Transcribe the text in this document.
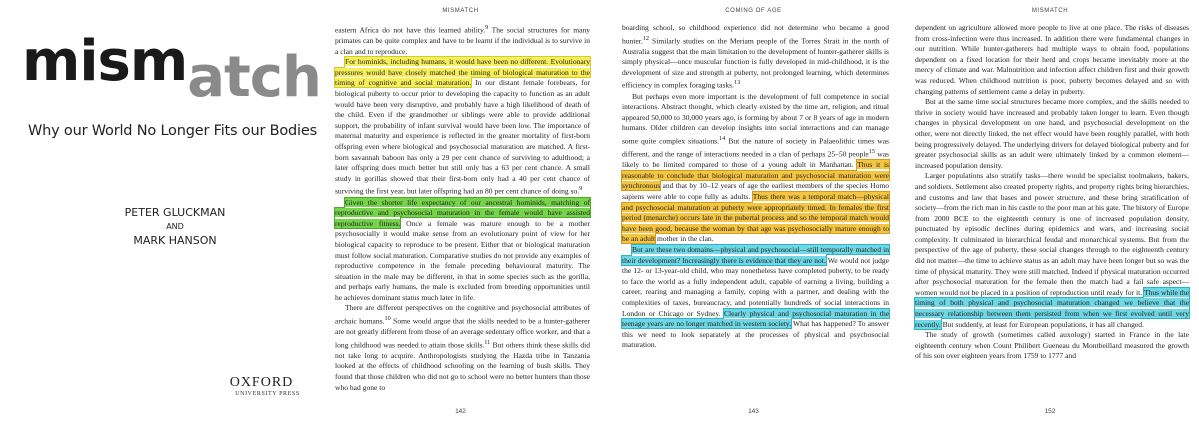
mismatch
Why our World No Longer Fits our Bodies
PETER GLUCKMAN
AND
MARK HANSON
OXFORD
UNIVERSITY PRESS
MISMATCH

eastern Africa do not have this learned ability.$^9$ The social structures for many primates can be quite complex and have to be learnt if the individual is to survive in a clan and to reproduce.

For hominids, including humans, it would have been no different. Evolutionary pressures would have closely matched the timing of biological maturation to the timing of cognitive and social maturation. In our distant female forebears, for biological puberty to occur prior to developing the capacity to function as an adult would have been very disruptive, and probably have a high likelihood of death of the child. Even if the grandmother or siblings were able to provide additional support, the probability of infant survival would have been low. The importance of maternal maturity and experience is reflected in the greater mortality of first-born offspring even where biological and psychosocial maturation are matched. A first-born savannah baboon has only a 29 per cent chance of surviving to adulthood; a later offspring does much better but still only has a 63 per cent chance. A small study in gorillas showed that their first-born only had a 40 per cent chance of surviving the first year, but later offspring had an 80 per cent chance of doing so.$^9$

Given the shorter life expectancy of our ancestral hominids, matching of reproductive and psychosocial maturation in the female would have assisted reproductive fitness. Once a female was mature enough to be a mother psychosocially it would make sense from an evolutionary point of view for her biological capacity to reproduce to be present. Either that or biological maturation must follow social maturation. Comparative studies do not provide any examples of reproductive competence in the female preceding behavioural maturity. The situation in the male may be different, in that in some species such as the gorilla, and perhaps early humans, the male is excluded from breeding opportunities until he achieves dominant status much later in life.

There are different perspectives on the cognitive and psychosocial attributes of archaic humans.$^{10}$ Some would argue that the skills needed to be a hunter-gatherer are not greatly different from those of an average sedentary office worker, and that a long childhood was needed to attain those skills.$^{11}$ But others think these skills did not take long to acquire. Anthropologists studying the Hazda tribe in Tanzania looked at the effects of childhood schooling on the learning of bush skills. They found that those children who did not go to school were no better hunters than those who had gone to

142
COMING OF AGE

boarding school, so childhood experience did not determine who became a good hunter.$^{12}$ Similarly studies on the Meriam people of the Torres Strait in the north of Australia suggest that the main limitation to the development of hunter-gatherer skills is simply physical—once muscular function is fully developed in mid-childhood, it is the development of size and strength at puberty, not prolonged learning, which determines efficiency in complex foraging tasks.$^{13}$

But perhaps even more important is the development of full competence in social interactions. Abstract thought, which clearly existed by the time art, religion, and ritual appeared 50,000 to 30,000 years ago, is forming by about 7 or 8 years of age in modern humans. Older children can develop insights into social interactions and can manage some quite complex situations.$^{14}$ But the nature of society in Palaeolithic times was different, and the range of interactions needed in a clan of perhaps 25–50 people$^{15}$ was likely to be limited compared to those of a young adult in Manhattan. Thus it is reasonable to conclude that biological maturation and psychosocial maturation were synchronous and that by 10–12 years of age the earliest members of the species Homo sapiens were able to cope fully as adults. Thus there was a temporal match—physical and psychosocial maturation at puberty were appropriately timed. In females the first period (menarche) occurs late in the pubertal process and so the temporal match would have been good, because the woman by that age was psychosocially mature enough to be an adult mother in the clan.

But are these two domains—physical and psychosocial—still temporally matched in their development? Increasingly there is evidence that they are not. We would not judge the 12- or 13-year-old child, who may nonetheless have completed puberty, to be ready to face the world as a fully independent adult, capable of earning a living, building a career, rearing and managing a family, coping with a partner, and dealing with the complexities of taxes, bureaucracy, and potentially hundreds of social interactions in London or Chicago or Sydney. Clearly physical and psychosocial maturation in the teenage years are no longer matched in western society. What has happened? To answer this we need to look separately at the processes of physical and psychosocial maturation.

143
MISMATCH

dependent on agriculture allowed more people to live at one place. The risks of diseases from cross-infection were thus increased. In addition there were fundamental changes in our nutrition. While hunter-gatherers had multiple ways to obtain food, populations dependent on a fixed location for their herd and crops became inevitably more at the mercy of climate and war. Malnutrition and infection affect children first and their growth was reduced. When childhood nutrition is poor, puberty becomes delayed and so with changing patterns of settlement came a delay in puberty.

But at the same time social structures became more complex, and the skills needed to thrive in society would have increased and probably taken longer to learn. Even though changes in physical development on one hand, and psychosocial development on the other, were not directly linked, the net effect would have been roughly parallel, with both being progressively delayed. The underlying drivers for delayed biological puberty and for greater psychosocial skills as an adult were ultimately linked by a common element—increased population density.

Larger populations also stratify tasks—there would be specialist toolmakers, bakers, and soldiers. Settlement also created property rights, and property rights bring hierarchies, and customs and law that bases and power structure, and these bring stratification of society—from the rich man in his castle to the poor man at his gate. The history of Europe from 2000 BCE to the eighteenth century is one of increased population density, punctuated by episodic declines during epidemics and wars, and increasing social complexity. It culminated in hierarchical feudal and monarchical systems. But from the perspective of the age of puberty, these social changes through to the eighteenth century did not matter—the time to achieve status as an adult may have been longer but so was the time of physical maturity. They were still matched. Indeed if physical maturation occurred after psychosocial maturation for the female then the match had a fail safe aspect—women would not be placed in a position of reproduction until ready for it. Thus while the timing of both physical and psychosocial maturation changed we believe that the necessary relationship between them persisted from when we first evolved until very recently. But suddenly, at least for European populations, it has all changed.

The study of growth (sometimes called auxology) started in France in the late eighteenth century when Count Philibert Gueneau du Montbeillard measured the growth of his son over eighteen years from 1759 to 1777 and

152
